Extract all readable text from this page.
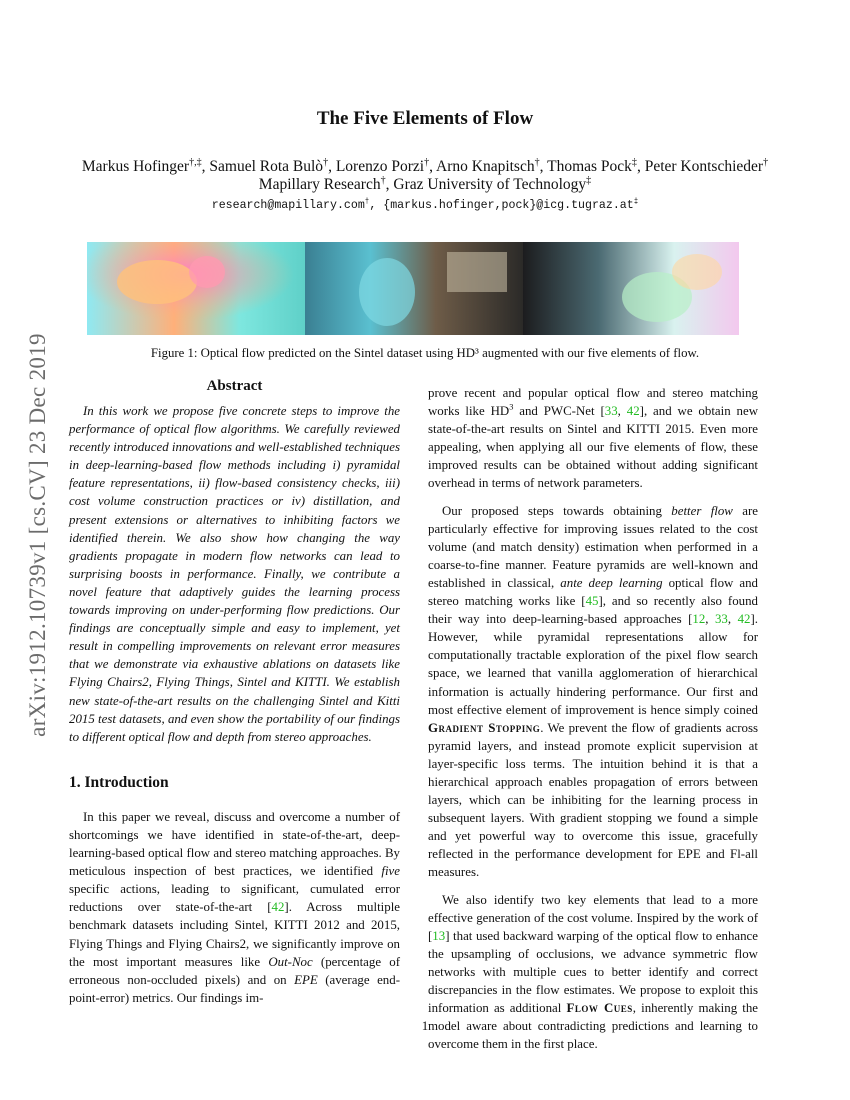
The Five Elements of Flow
Markus Hofinger†,‡, Samuel Rota Bulò†, Lorenzo Porzi†, Arno Knapitsch†, Thomas Pock‡, Peter Kontschieder†
Mapillary Research†, Graz University of Technology‡
research@mapillary.com†, {markus.hofinger,pock}@icg.tugraz.at‡
Figure 1: Optical flow predicted on the Sintel dataset using HD³ augmented with our five elements of flow.
arXiv:1912.10739v1 [cs.CV] 23 Dec 2019	Abstract

In this work we propose five concrete steps to improve the performance of optical flow algorithms. We carefully reviewed recently introduced innovations and well-established techniques in deep-learning-based flow methods including i) pyramidal feature representations, ii) flow-based consistency checks, iii) cost volume construction practices or iv) distillation, and present extensions or alternatives to inhibiting factors we identified therein. We also show how changing the way gradients propagate in modern flow networks can lead to surprising boosts in performance. Finally, we contribute a novel feature that adaptively guides the learning process towards improving on under-performing flow predictions. Our findings are conceptually simple and easy to implement, yet result in compelling improvements on relevant error measures that we demonstrate via exhaustive ablations on datasets like Flying Chairs2, Flying Things, Sintel and KITTI. We establish new state-of-the-art results on the challenging Sintel and Kitti 2015 test datasets, and even show the portability of our findings to different optical flow and depth from stereo approaches.

1. Introduction

In this paper we reveal, discuss and overcome a number of shortcomings we have identified in state-of-the-art, deep-learning-based optical flow and stereo matching approaches. By meticulous inspection of best practices, we identified five specific actions, leading to significant, cumulated error reductions over state-of-the-art [42]. Across multiple benchmark datasets including Sintel, KITTI 2012 and 2015, Flying Things and Flying Chairs2, we significantly improve on the most important measures like Out-Noc (percentage of erroneous non-occluded pixels) and on EPE (average end-point-error) metrics. Our findings im-

prove recent and popular optical flow and stereo matching works like $HD^3$ and PWC-Net [33, 42], and we obtain new state-of-the-art results on Sintel and KITTI 2015. Even more appealing, when applying all our five elements of flow, these improved results can be obtained without adding significant overhead in terms of network parameters.

Our proposed steps towards obtaining better flow are particularly effective for improving issues related to the cost volume (and match density) estimation when performed in a coarse-to-fine manner. Feature pyramids are well-known and established in classical, ante deep learning optical flow and stereo matching works like [45], and so recently also found their way into deep-learning-based approaches [12, 33, 42]. However, while pyramidal representations allow for computationally tractable exploration of the pixel flow search space, we learned that vanilla agglomeration of hierarchical information is actually hindering performance. Our first and most effective element of improvement is hence simply coined Gradient Stopping. We prevent the flow of gradients across pyramid layers, and instead promote explicit supervision at layer-specific loss terms. The intuition behind it is that a hierarchical approach enables propagation of errors between layers, which can be inhibiting for the learning process in subsequent layers. With gradient stopping we found a simple and yet powerful way to overcome this issue, gracefully reflected in the performance development for EPE and Fl-all measures.

We also identify two key elements that lead to a more effective generation of the cost volume. Inspired by the work of [13] that used backward warping of the optical flow to enhance the upsampling of occlusions, we advance symmetric flow networks with multiple cues to better identify and correct discrepancies in the flow estimates. We propose to exploit this information as additional Flow Cues, inherently making the model aware about contradicting predictions and learning to overcome them in the first place.

1
